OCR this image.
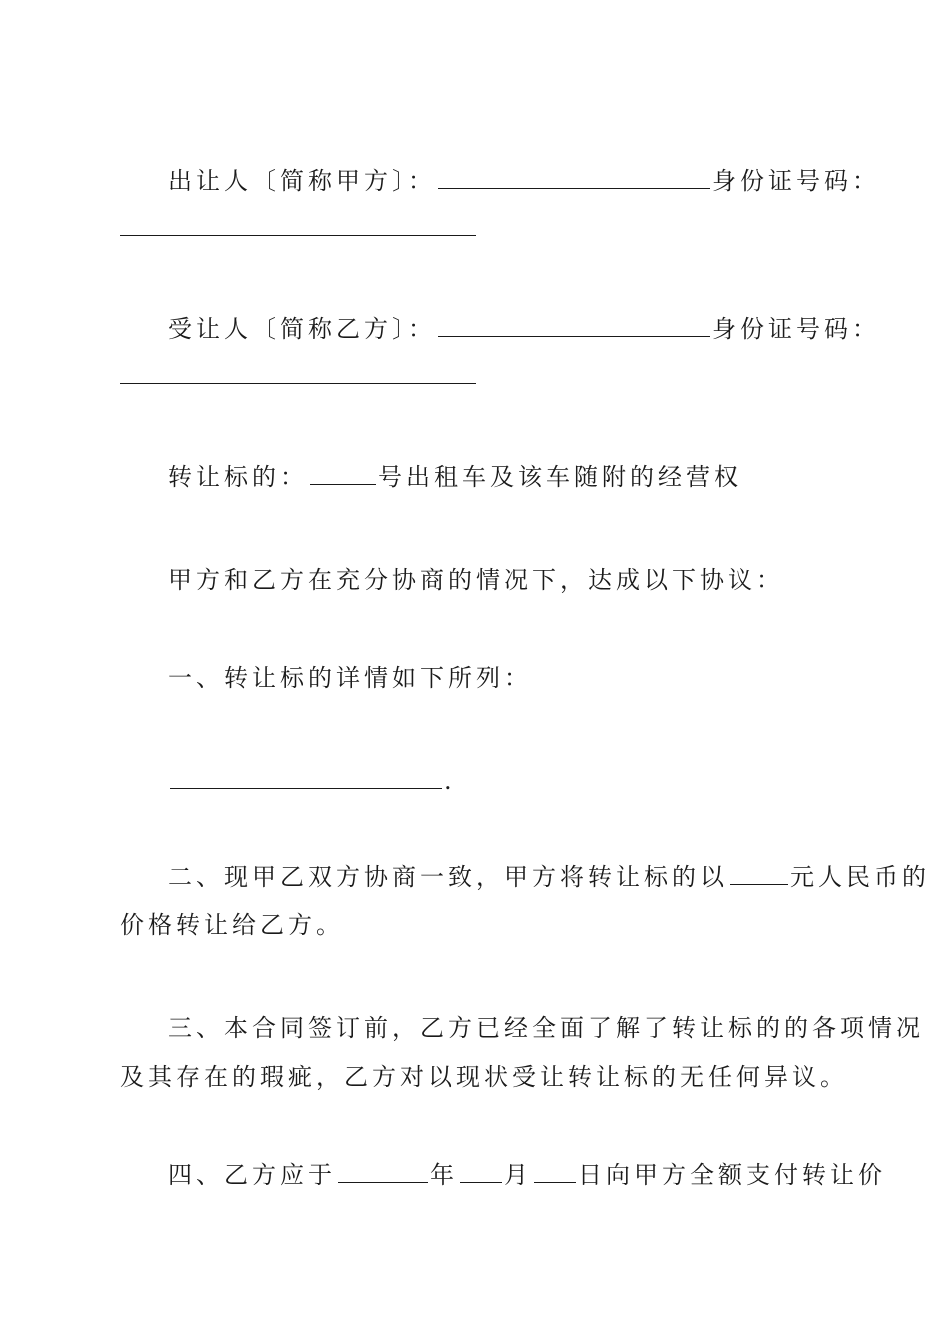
出让人〔简称甲方〕：	身份证号码：
受让人〔简称乙方〕：	身份证号码：
转让标的：	号出租车及该车随附的经营权
甲方和乙方在充分协商的情况下，达成以下协议：
一、转让标的详情如下所列：
.
二、现甲乙双方协商一致，甲方将转让标的以	元人民币的
价格转让给乙方。
三、本合同签订前，乙方已经全面了解了转让标的的各项情况
及其存在的瑕疵，乙方对以现状受让转让标的无任何异议。
四、乙方应于	年 月 日向甲方全额支付转让价
